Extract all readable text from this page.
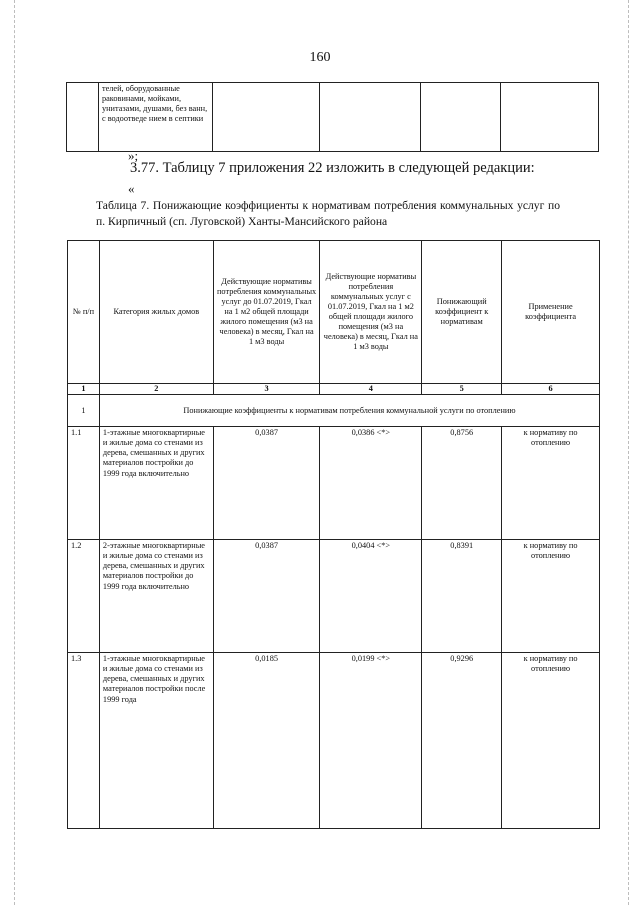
160
	телей, оборудованные раковинами, мойками, унитазами, душами, без ванн, с водоотведе нием в септики				
»;
3.77. Таблицу 7 приложения 22 изложить в следующей редакции:
«
Таблица 7. Понижающие коэффициенты к нормативам потребления коммунальных услуг по п. Кирпичный (сп. Луговской) Ханты-Мансийского района
№ п/п	Категория жилых домов	Действующие нормативы потребления коммунальных услуг до 01.07.2019, Гкал на 1 м2 общей площади жилого помещения (м3 на человека) в месяц, Гкал на 1 м3 воды	Действующие нормативы потребления коммунальных услуг с 01.07.2019, Гкал на 1 м2 общей площади жилого помещения (м3 на человека) в месяц, Гкал на 1 м3 воды	Понижающий коэффициент к нормативам	Применение коэффициента
1	2	3	4	5	6
1	Понижающие коэффициенты к нормативам потребления коммунальной услуги по отоплению				
1.1	1-этажные многоквартирные и жилые дома со стенами из дерева, смешанных и других материалов постройки до 1999 года включительно	0,0387	0,0386 <*>	0,8756	к нормативу по отоплению
1.2	2-этажные многоквартирные и жилые дома со стенами из дерева, смешанных и других материалов постройки до 1999 года включительно	0,0387	0,0404 <*>	0,8391	к нормативу по отоплению
1.3	1-этажные многоквартирные и жилые дома со стенами из дерева, смешанных и других материалов постройки после 1999 года	0,0185	0,0199 <*>	0,9296	к нормативу по отоплению
